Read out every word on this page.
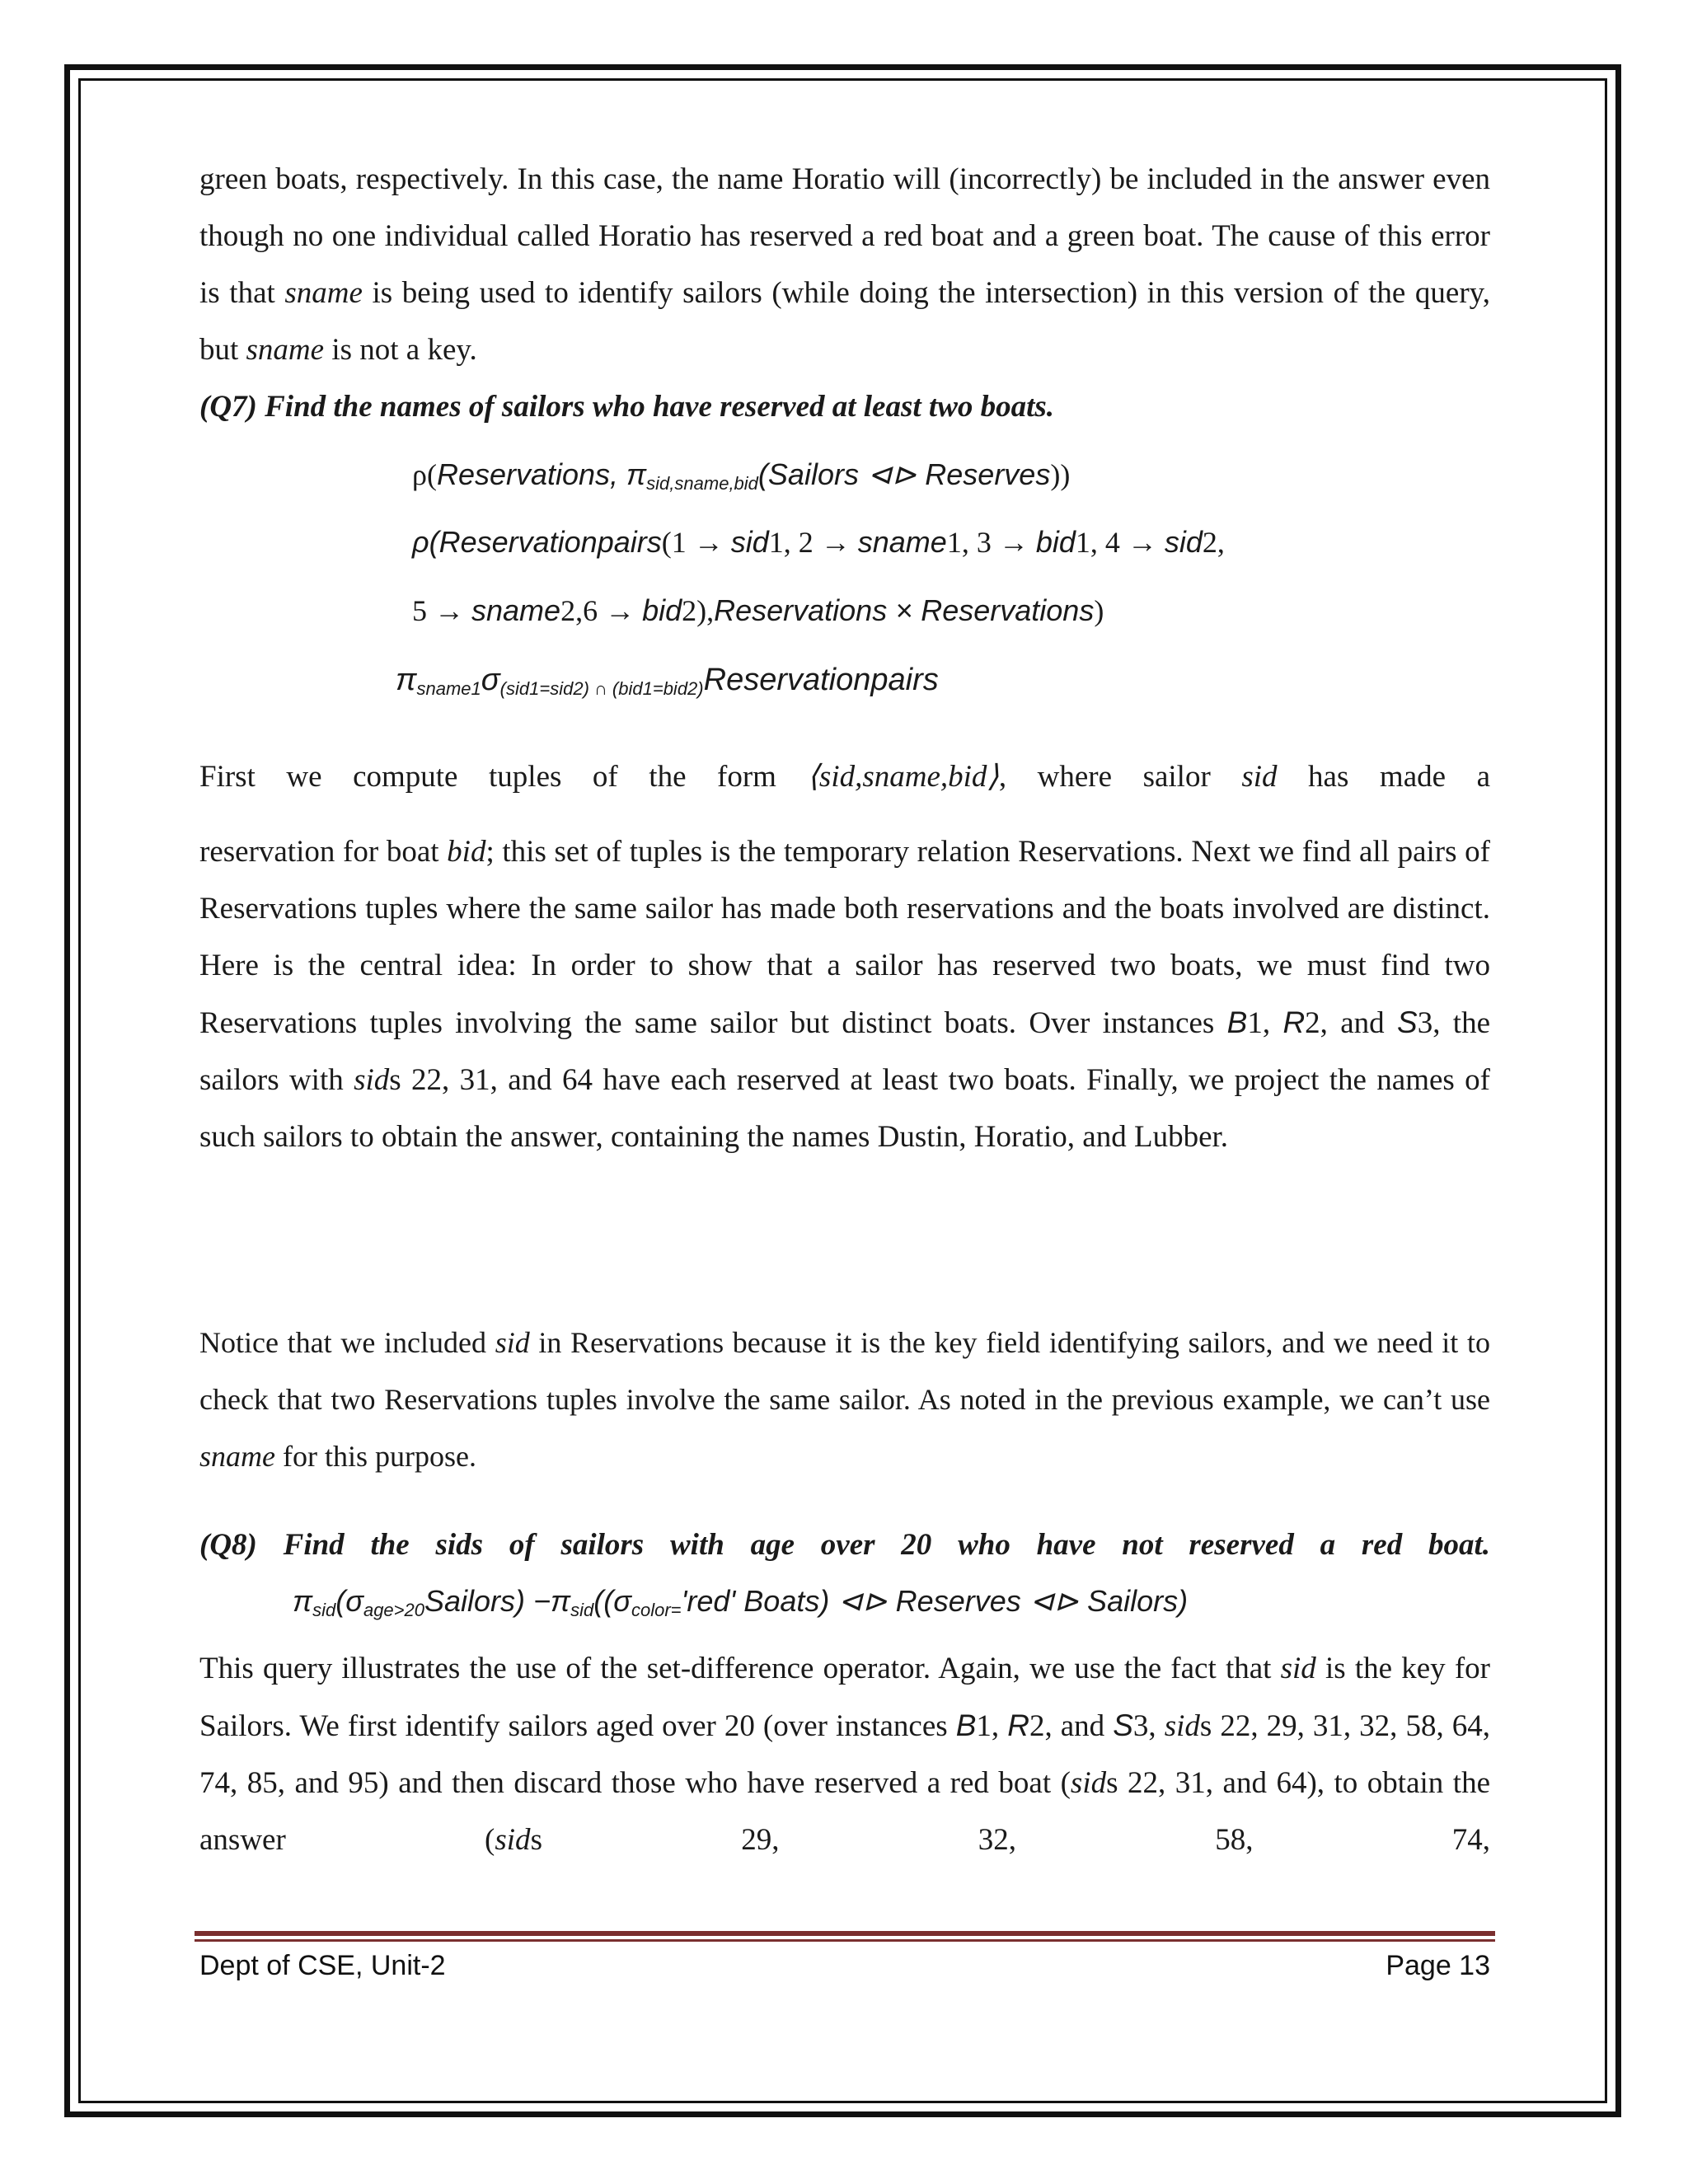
green boats, respectively. In this case, the name Horatio will (incorrectly) be included in the answer even though no one individual called Horatio has reserved a red boat and a green boat. The cause of this error is that sname is being used to identify sailors (while doing the intersection) in this version of the query, but sname is not a key.

(Q7) Find the names of sailors who have reserved at least two boats.

ρ(Reservations, $\pi_{sid,sname,bid}(Sailors$ ⊲⊳ Reserves))
ρ(Reservationpairs(1 → sid1, 2 → sname1, 3 → bid1, 4 → sid2,
5 → sname2,6 → bid2),Reservations × Reservations)
$\pi_{sname1}\sigma_{(sid1=sid2) \cap (bid1=bid2)}Reservationpairs$

First we compute tuples of the form ⟨sid,sname,bid⟩, where sailor sid has made a

reservation for boat bid; this set of tuples is the temporary relation Reservations. Next we find all pairs of Reservations tuples where the same sailor has made both reservations and the boats involved are distinct. Here is the central idea: In order to show that a sailor has reserved two boats, we must find two Reservations tuples involving the same sailor but distinct boats. Over instances B1, R2, and S3, the sailors with sids 22, 31, and 64 have each reserved at least two boats. Finally, we project the names of such sailors to obtain the answer, containing the names Dustin, Horatio, and Lubber.

Notice that we included sid in Reservations because it is the key field identifying sailors, and we need it to check that two Reservations tuples involve the same sailor. As noted in the previous example, we can’t use sname for this purpose.

(Q8) Find the sids of sailors with age over 20 who have not reserved a red boat.

$\pi_{sid}(\sigma_{age>20}Sailors) -\pi_{sid}((\sigma_{color=}'red'$ Boats) ⊲⊳ Reserves ⊲⊳ Sailors)

This query illustrates the use of the set-difference operator. Again, we use the fact that sid is the key for Sailors. We first identify sailors aged over 20 (over instances B1, R2, and S3, sids 22, 29, 31, 32, 58, 64, 74, 85, and 95) and then discard those who have reserved a red boat (sids 22, 31, and 64), to obtain the answer (sids 29, 32, 58, 74,

Dept of CSE, Unit-2	Page 13
